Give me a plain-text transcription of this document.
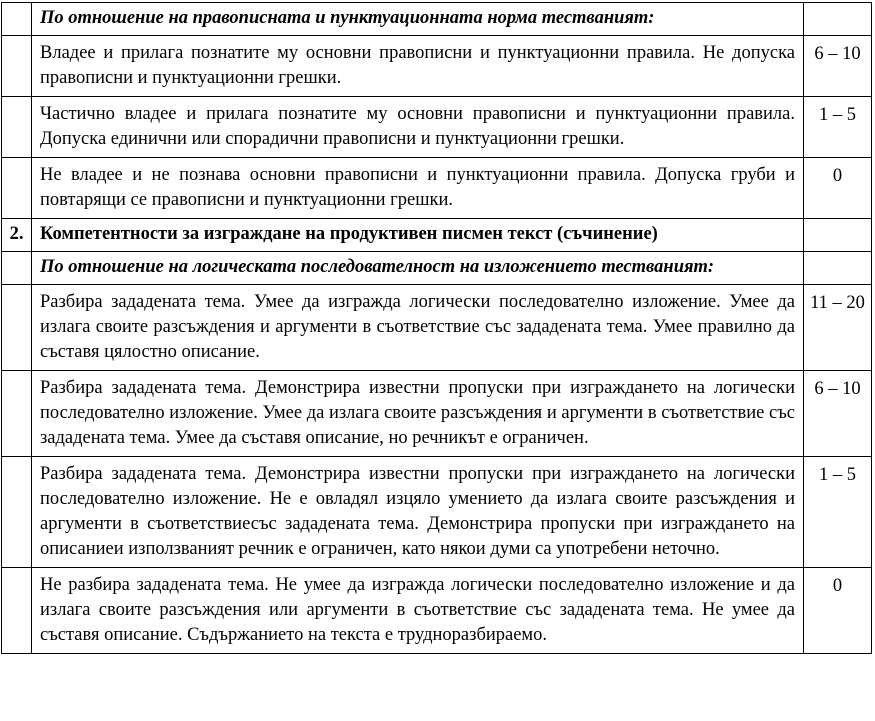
	По отношение на правописната и пунктуационната норма тестваният:	
	Владее и прилага познатите му основни правописни и пунктуационни правила. Не допуска правописни и пунктуационни грешки.	6 – 10
	Частично владее и прилага познатите му основни правописни и пунктуационни правила. Допуска единични или спорадични правописни и пунктуационни грешки.	1 – 5
	Не владее и не познава основни правописни и пунктуационни правила. Допуска груби и повтарящи се правописни и пунктуационни грешки.	0
2.	Компетентности за изграждане на продуктивен писмен текст (съчинение)	
	По отношение на логическата последователност на изложението тестваният:	
	Разбира зададената тема. Умее да изгражда логически последователно изложение. Умее да излага своите разсъждения и аргументи в съответствие със зададената тема. Умее правилно да съставя цялостно описание.	11 – 20
	Разбира зададената тема. Демонстрира известни пропуски при изграждането на логически последователно изложение. Умее да излага своите разсъждения и аргументи в съответствие със зададената тема. Умее да съставя описание, но речникът е ограничен.	6 – 10
	Разбира зададената тема. Демонстрира известни пропуски при изграждането на логически последователно изложение. Не е овладял изцяло умението да излага своите разсъждения и аргументи в съответствиесъс зададената тема. Демонстрира пропуски при изграждането на описаниеи използваният речник е ограничен, като някои думи са употребени неточно.	1 – 5
	Не разбира зададената тема. Не умее да изгражда логически последователно изложение и да излага своите разсъждения или аргументи в съответствие със зададената тема. Не умее да съставя описание. Съдържанието на текста е трудноразбираемо.	0
